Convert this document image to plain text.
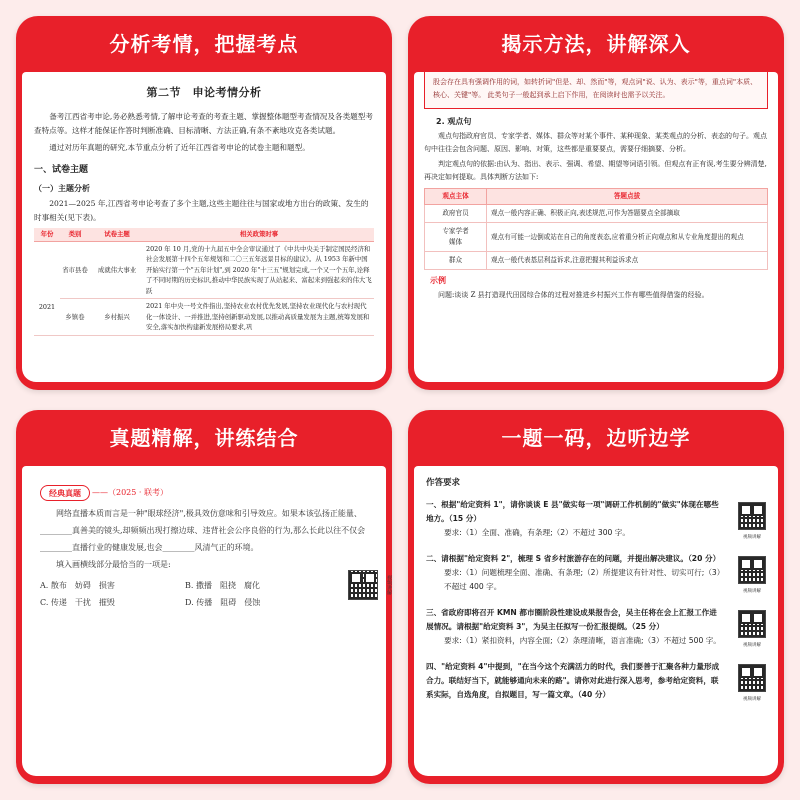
分析考情，把握考点
第二节　申论考情分析

备考江西省考申论,务必熟悉考情,了解申论考查的考查主题、掌握整体题型考查情况及各类题型考查特点等。这样才能保证作答时判断准确、目标清晰、方法正确,有条不紊地攻克各类试题。

通过对历年真题的研究,本节重点分析了近年江西省考申论的试卷主题和题型。

一、试卷主题
（一）主题分析

2021—2025 年,江西省考申论考查了多个主题,这些主题往往与国家或地方出台的政策、发生的时事相关(见下表)。

年份	类别	试卷主题	相关政策时事
2021	省市县卷	成就伟大事业	2020 年 10 月,党的十九届五中全会审议通过了《中共中央关于制定国民经济和社会发展第十四个五年规划和二〇三五年远景目标的建议》。从 1953 年新中国开始实行第一个"五年计划",到 2020 年"十三五"规划完成,一个又一个五年,诠释了不同时期的历史标识,推动中华民族实现了从站起来、富起来到强起来的伟大飞跃
	乡镇卷	乡村振兴	2021 年中央一号文件指出,坚持农业农村优先发展,坚持农业现代化与农村现代化一体设计、一并推进,坚持创新驱动发展,以推动高质量发展为主题,统筹发展和安全,落实加快构建新发展格局要求,巩
揭示方法，讲解深入
股会存在具有强调作用的词，如转折词"但是、却、然而"等，观点词"说、认为、表示"等，重点词"本质、核心、关键"等。 此类句子一般起到承上启下作用，在阅读时也需予以关注。
2. 观点句

观点句指政府官员、专家学者、媒体、群众等对某个事件、某种现象、某类观点的分析、表态的句子。观点句中往往会包含问题、原因、影响、对策，这些都是重要要点，需要仔细摘要、分析。

判定观点句的依据:由认为、指出、表示、强调、希望、期望等词语引领。但观点有正有误,考生要分辨清楚,再决定如何提取。具体判断方法如下:

观点主体	答题点拔
政府官员	观点一般内容正确、积极正向,表述规范,可作为答题要点全部摘取
专家学者
媒体	观点有可能一边倒或站在自己的角度表态,应着重分析正向观点和从专业角度提出的观点
群众	观点一般代表基层利益诉求,注意把握其利益诉求点
示例

问题:谈谈 Z 县打造现代田园综合体的过程对推进乡村振兴工作有哪些值得借鉴的经验。

真题精解，讲练结合
经典真题	——（2025 · 联考）

网络直播本质而言是一种"眼球经济",极具效仿意味和引导效应。如果本该弘扬正能量、________真善美的镜头,却频频出现打擦边球、违背社会公序良俗的行为,那么长此以往不仅会________直播行业的健康发展,也会________风清气正的环境。

填入画横线部分最恰当的一项是:

A. 散布　妨碍　损害	B. 撒播　阻挠　腐化
C. 传递　干扰　摧毁	D. 传播　阻碍　侵蚀
视频讲解
一题一码，边听边学
作答要求
一、根据"给定资料 1"，请你谈谈 E 县"做实每一项"调研工作机制的"做实"体现在哪些地方。（15 分）
要求:（1）全面、准确，有条理;（2）不超过 300 字。
视频讲解
二、请根据"给定资料 2"，梳理 S 省乡村旅游存在的问题，并提出解决建议。（20 分）
要求:（1）问题梳理全面、准确、有条理;（2）所提建议有针对性、切实可行;（3）不超过 400 字。
视频讲解
三、省政府即将召开 KMN 都市圈阶段性建设成果报告会，吴主任将在会上汇报工作进展情况。请根据"给定资料 3"，为吴主任拟写一份汇报提纲。（25 分）
要求:（1）紧扣资料，内容全面;（2）条理清晰，语言准确;（3）不超过 500 字。
视频讲解
四、"给定资料 4"中提到，"在当今这个充满活力的时代，我们要善于汇聚各种力量形成合力。联结好当下，就能够通向未来的路"。请你对此进行深入思考，参考给定资料，联系实际，自选角度，自拟题目，写一篇文章。（40 分）
视频讲解
